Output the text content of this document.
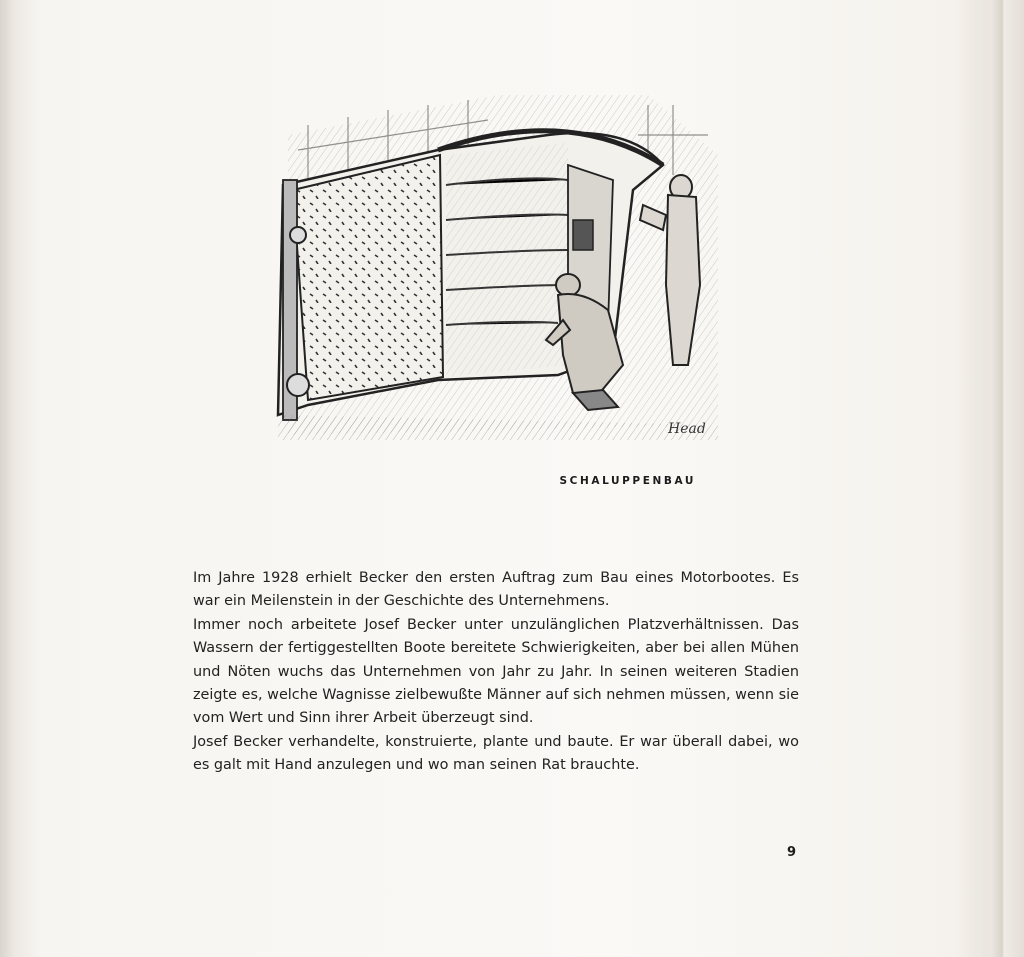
Head
SCHALUPPENBAU

Im Jahre 1928 erhielt Becker den ersten Auftrag zum Bau eines Motorbootes. Es war ein Meilenstein in der Geschichte des Unternehmens.

Immer noch arbeitete Josef Becker unter unzulänglichen Platzverhältnissen. Das Wassern der fertiggestellten Boote bereitete Schwierigkeiten, aber bei allen Mühen und Nöten wuchs das Unternehmen von Jahr zu Jahr. In seinen weiteren Stadien zeigte es, welche Wagnisse zielbewußte Männer auf sich nehmen müssen, wenn sie vom Wert und Sinn ihrer Arbeit überzeugt sind.

Josef Becker verhandelte, konstruierte, plante und baute. Er war überall dabei, wo es galt mit Hand anzulegen und wo man seinen Rat brauchte.

9
